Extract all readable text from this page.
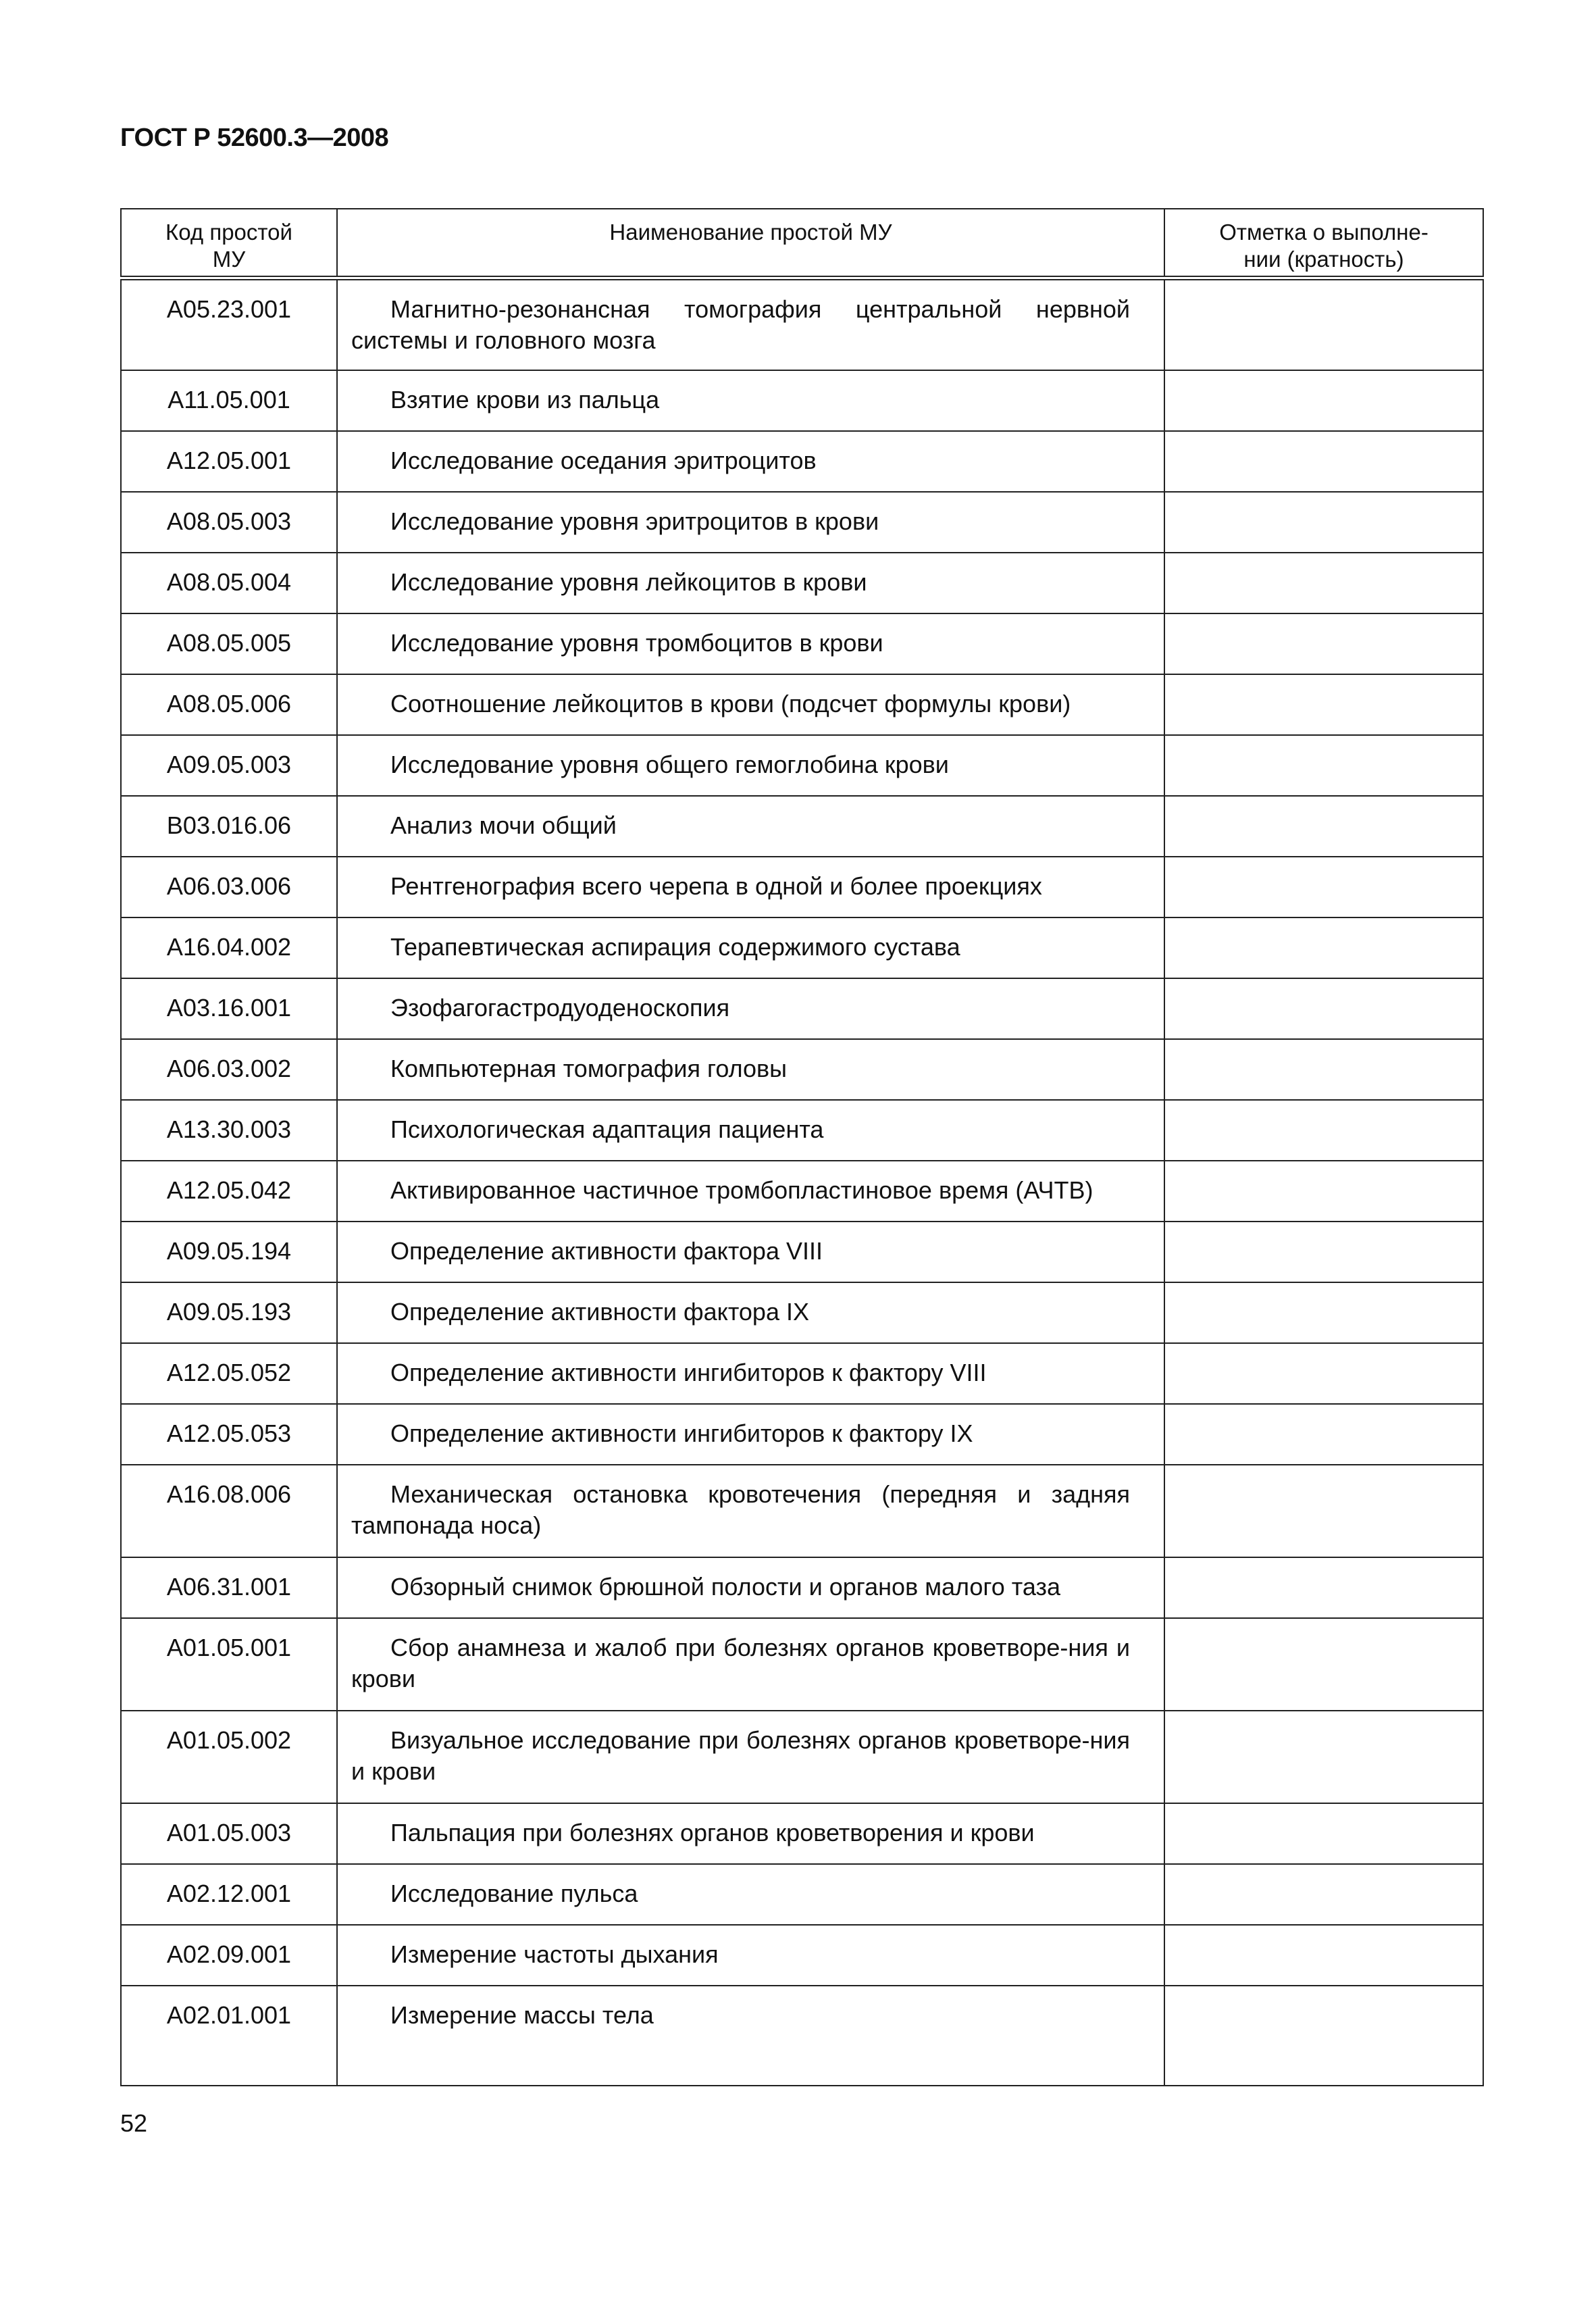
ГОСТ Р 52600.3—2008
Код простой
МУ	Наименование простой МУ	Отметка о выполне-
нии (кратность)
A05.23.001	Магнитно-резонансная томография центральной нервной системы и головного мозга	

A11.05.001	Взятие крови из пальца	

A12.05.001	Исследование оседания эритроцитов	

A08.05.003	Исследование уровня эритроцитов в крови	

A08.05.004	Исследование уровня лейкоцитов в крови	

A08.05.005	Исследование уровня тромбоцитов в крови	

A08.05.006	Соотношение лейкоцитов в крови (подсчет формулы крови)	

A09.05.003	Исследование уровня общего гемоглобина крови	

B03.016.06	Анализ мочи общий	

A06.03.006	Рентгенография всего черепа в одной и более проекциях	

A16.04.002	Терапевтическая аспирация содержимого сустава	

A03.16.001	Эзофагогастродуоденоскопия	

A06.03.002	Компьютерная томография головы	

A13.30.003	Психологическая адаптация пациента	

A12.05.042	Активированное частичное тромбопластиновое время (АЧТВ)	

A09.05.194	Определение активности фактора VIII	

A09.05.193	Определение активности фактора IX	

A12.05.052	Определение активности ингибиторов к фактору VIII	

A12.05.053	Определение активности ингибиторов к фактору IX	

A16.08.006	Механическая остановка кровотечения (передняя и задняя тампонада носа)	

A06.31.001	Обзорный снимок брюшной полости и органов малого таза	

A01.05.001	Сбор анамнеза и жалоб при болезнях органов кроветворе-ния и крови	

A01.05.002	Визуальное исследование при болезнях органов кроветворе-ния и крови	

A01.05.003	Пальпация при болезнях органов кроветворения и крови	

A02.12.001	Исследование пульса	

A02.09.001	Измерение частоты дыхания	

A02.01.001	Измерение массы тела	

52
